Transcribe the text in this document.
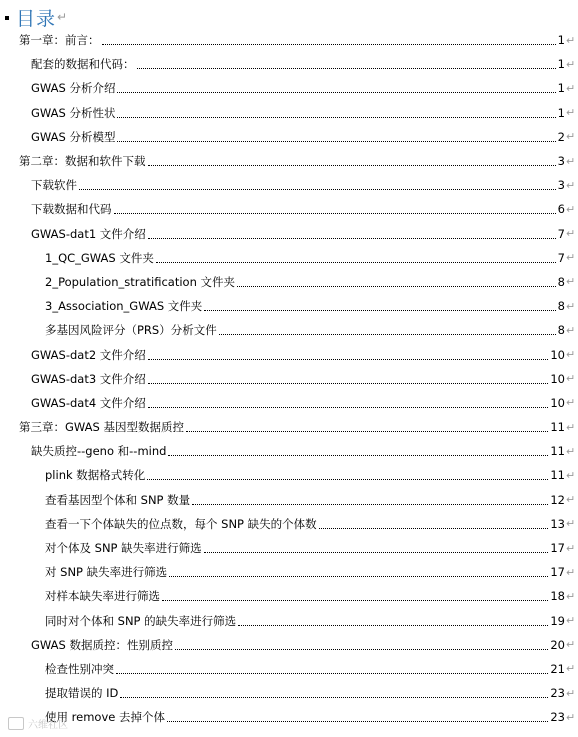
目录 ↵
第一章：前言：	1 ↵
配套的数据和代码：	1 ↵
GWAS 分析介绍	1 ↵
GWAS 分析性状	1 ↵
GWAS 分析模型	2 ↵
第二章：数据和软件下载	3 ↵
下载软件	3 ↵
下载数据和代码	6 ↵
GWAS-dat1 文件介绍	7 ↵
1_QC_GWAS 文件夹	7 ↵
2_Population_stratification 文件夹	8 ↵
3_Association_GWAS 文件夹	8 ↵
多基因风险评分（PRS）分析文件	8 ↵
GWAS-dat2 文件介绍	10 ↵
GWAS-dat3 文件介绍	10 ↵
GWAS-dat4 文件介绍	10 ↵
第三章：GWAS 基因型数据质控	11 ↵
缺失质控--geno 和--mind	11 ↵
plink 数据格式转化	11 ↵
查看基因型个体和 SNP 数量	12 ↵
查看一下个体缺失的位点数，每个 SNP 缺失的个体数	13 ↵
对个体及 SNP 缺失率进行筛选	17 ↵
对 SNP 缺失率进行筛选	17 ↵
对样本缺失率进行筛选	18 ↵
同时对个体和 SNP 的缺失率进行筛选	19 ↵
GWAS 数据质控：性别质控	20 ↵
检查性别冲突	21 ↵
提取错误的 ID	23 ↵
使用 remove 去掉个体	23 ↵
六维社区
